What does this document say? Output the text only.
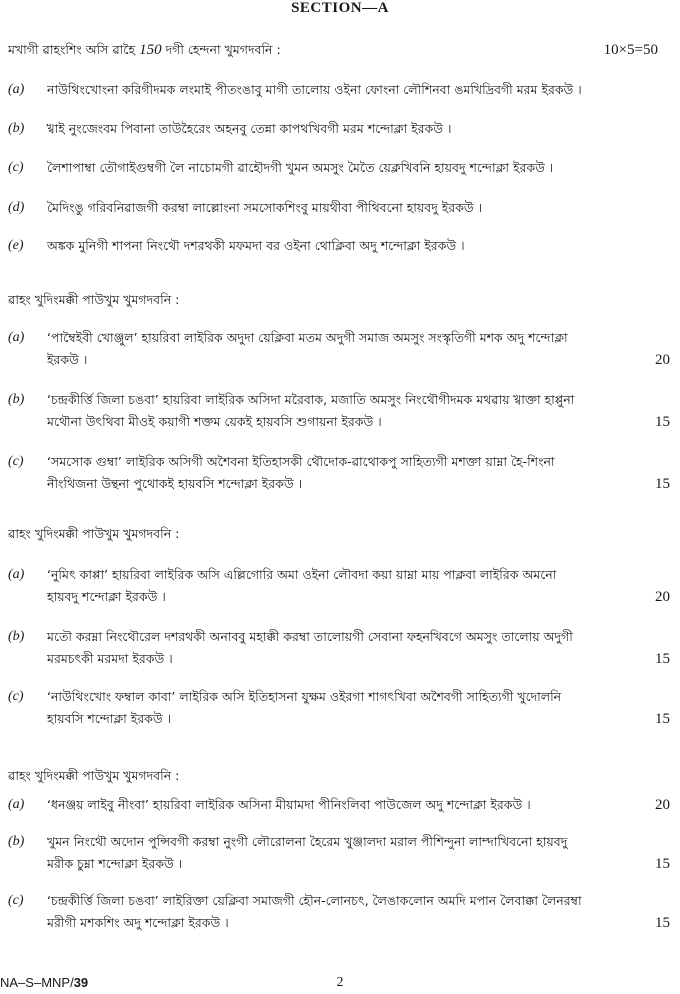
SECTION—A
মখাগী ৱাহংশিং অসি ৱাহৈ 150 দগী হেন্দনা খুমগদবনি :	10×5=50
(a) নাউথিংখোংনা করিগীদমক লংমাই পীতংঙাবু মাগী তালোয় ওইনা ফোংনা লৌশিনবা ঙমখিদ্রিবগী মরম ইরকউ ।
(b) খ্বাই নুংজেংবম পিবানা তাউহৈরেং অহনবু তেন্না কাপথখিবগী মরম শন্দোক্লা ইরকউ ।
(c) লৈশাপাম্বা তৌগাইগুম্বগী লৈ নাচোমগী ৱাহৌদগী খুমন অমসুং মৈতৈ য়েক্লখিবনি হায়বদু শন্দোক্লা ইরকউ ।
(d) মৈদিংঙু গরিবনিৱাজগী করম্বা লাল্লোংনা সমসোকশিংবু মায়থীবা পীথিবনো হায়বদু ইরকউ ।
(e) অঙ্কক মুনিগী শাপনা নিংথৌ দশরথকী মফমদা বর ওইনা থোক্লিবা অদু শন্দোক্লা ইরকউ ।
ৱাহং খুদিংমক্কী পাউখুম খুমগদবনি :
(a) ‘পাম্বৈইবী খোঞ্জুল’ হায়রিবা লাইরিক অদুদা য়েক্লিবা মতম অদুগী সমাজ অমসুং সংস্কৃতিগী মশক অদু শন্দোক্লা
ইরকউ ।	20
(b) ‘চন্দ্রকীর্ত্তি জিলা চঙবা’ হায়রিবা লাইরিক অসিদা মরৈবাক, মজাতি অমসুং নিংথৌগীদমক মথৱায় খ্বাক্তা হাপ্পুনা
মথৌনা উৎথিবা মীওই কয়াগী শক্তম য়েকই হায়বসি শুগায়না ইরকউ ।	15
(c) ‘সমসোক গুম্বা’ লাইরিক অসিগী অশৈবনা ইতিহাসকী থৌদোক-ৱাথোকপু সাহিত্যগী মশক্তা য়াম্না হৈ-শিংনা
নীংথিজনা উন্থনা পুথোকই হায়বসি শন্দোক্লা ইরকউ ।	15
ৱাহং খুদিংমক্কী পাউখুম খুমগদবনি :
(a) ‘নুমিৎ কাপ্পা’ হায়রিবা লাইরিক অসি এল্লিগোরি অমা ওইনা লৌবদা কয়া য়াম্না মায় পাক্লবা লাইরিক অমনো
হায়বদু শন্দোক্লা ইরকউ ।	20
(b) মতৌ করম্না নিংথৌরেল দশরথকী অনাববু মহাক্কী করম্বা তালোয়গী সেবানা ফহনখিবগে অমসুং তালোয় অদুগী
মরমচৎকী মরমদা ইরকউ ।	15
(c) ‘নাউথিংখোং ফম্বাল কাবা’ লাইরিক অসি ইতিহাসনা যুক্ষম ওইরগা শাগৎখিবা অশৈবগী সাহিত্যগী খুদোলনি
হায়বসি শন্দোক্লা ইরকউ ।	15
ৱাহং খুদিংমক্কী পাউখুম খুমগদবনি :
(a) ‘ধনঞ্জয় লাইবু নীংবা’ হায়রিবা লাইরিক অসিনা মীয়ামদা পীনিংলিবা পাউজেল অদু শন্দোক্লা ইরকউ ।	20
(b) খুমন নিংথৌ অদোন পুন্সিবগী করম্বা নুংগী লৌরোলনা হৈরেম খুঞ্জালদা মরাল পীশিন্দুনা লাম্দাখিবনো হায়বদু
মরীক চুম্না শন্দোক্লা ইরকউ ।	15
(c) ‘চন্দ্রকীর্ত্তি জিলা চঙবা’ লাইরিক্তা য়েক্লিবা সমাজগী হৌন-লোনচৎ, লৈঙাকলোন অমদি মপান লৈবাক্কা লৈনরম্বা
মরীগী মশকশিং অদু শন্দোক্লা ইরকউ ।	15
NA–S–MNP/39	2
